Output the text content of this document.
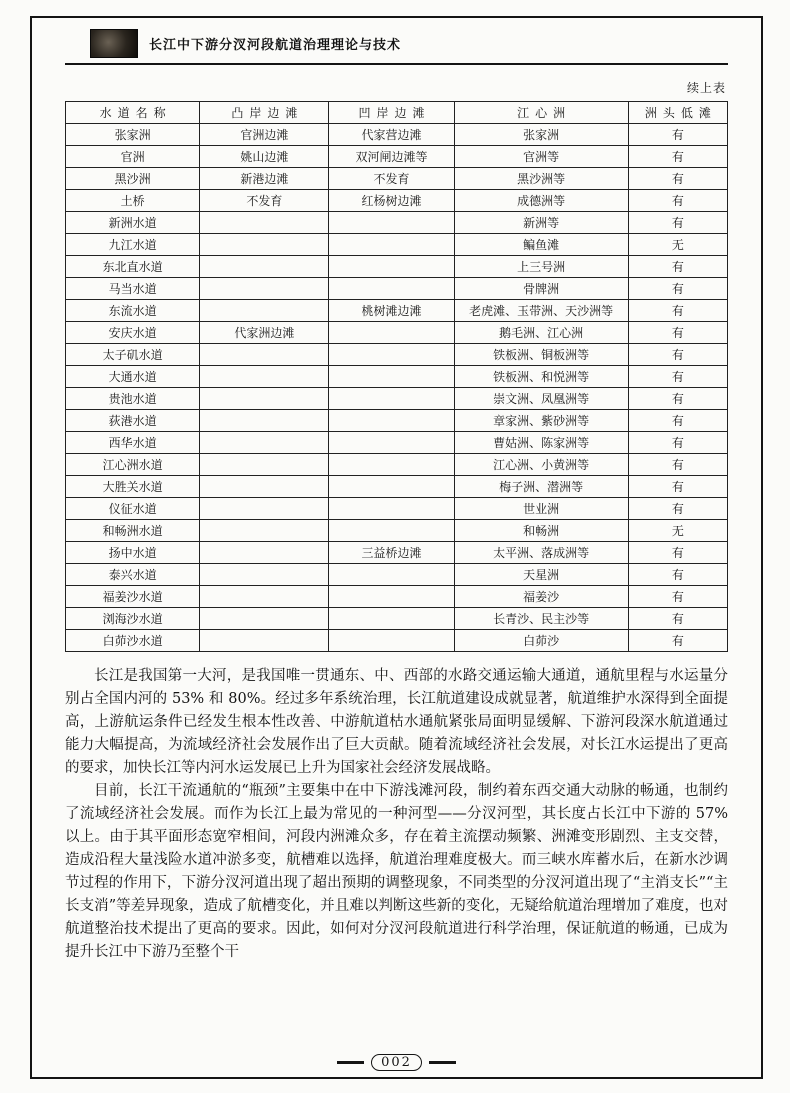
长江中下游分汊河段航道治理理论与技术
续上表
水道名称	凸岸边滩	凹岸边滩	江心洲	洲头低滩
张家洲	官洲边滩	代家营边滩	张家洲	有
官洲	姚山边滩	双河闸边滩等	官洲等	有
黑沙洲	新港边滩	不发育	黑沙洲等	有
土桥	不发育	红杨树边滩	成德洲等	有
新洲水道			新洲等	有
九江水道			鳊鱼滩	无
东北直水道			上三号洲	有
马当水道			骨牌洲	有
东流水道		桃树滩边滩	老虎滩、玉带洲、天沙洲等	有
安庆水道	代家洲边滩		鹅毛洲、江心洲	有
太子矶水道			铁板洲、铜板洲等	有
大通水道			铁板洲、和悦洲等	有
贵池水道			崇文洲、凤凰洲等	有
荻港水道			章家洲、紫砂洲等	有
西华水道			曹姑洲、陈家洲等	有
江心洲水道			江心洲、小黄洲等	有
大胜关水道			梅子洲、潜洲等	有
仪征水道			世业洲	有
和畅洲水道			和畅洲	无
扬中水道		三益桥边滩	太平洲、落成洲等	有
泰兴水道			天星洲	有
福姜沙水道			福姜沙	有
浏海沙水道			长青沙、民主沙等	有
白茆沙水道			白茆沙	有

长江是我国第一大河，是我国唯一贯通东、中、西部的水路交通运输大通道，通航里程与水运量分别占全国内河的 53% 和 80%。经过多年系统治理，长江航道建设成就显著，航道维护水深得到全面提高，上游航运条件已经发生根本性改善、中游航道枯水通航紧张局面明显缓解、下游河段深水航道通过能力大幅提高，为流域经济社会发展作出了巨大贡献。随着流域经济社会发展，对长江水运提出了更高的要求，加快长江等内河水运发展已上升为国家社会经济发展战略。

目前，长江干流通航的“瓶颈”主要集中在中下游浅滩河段，制约着东西交通大动脉的畅通，也制约了流域经济社会发展。而作为长江上最为常见的一种河型——分汊河型，其长度占长江中下游的 57% 以上。由于其平面形态宽窄相间，河段内洲滩众多，存在着主流摆动频繁、洲滩变形剧烈、主支交替，造成沿程大量浅险水道冲淤多变，航槽难以选择，航道治理难度极大。而三峡水库蓄水后，在新水沙调节过程的作用下，下游分汊河道出现了超出预期的调整现象，不同类型的分汊河道出现了“主消支长”“主长支消”等差异现象，造成了航槽变化，并且难以判断这些新的变化，无疑给航道治理增加了难度，也对航道整治技术提出了更高的要求。因此，如何对分汊河段航道进行科学治理，保证航道的畅通，已成为提升长江中下游乃至整个干

002
